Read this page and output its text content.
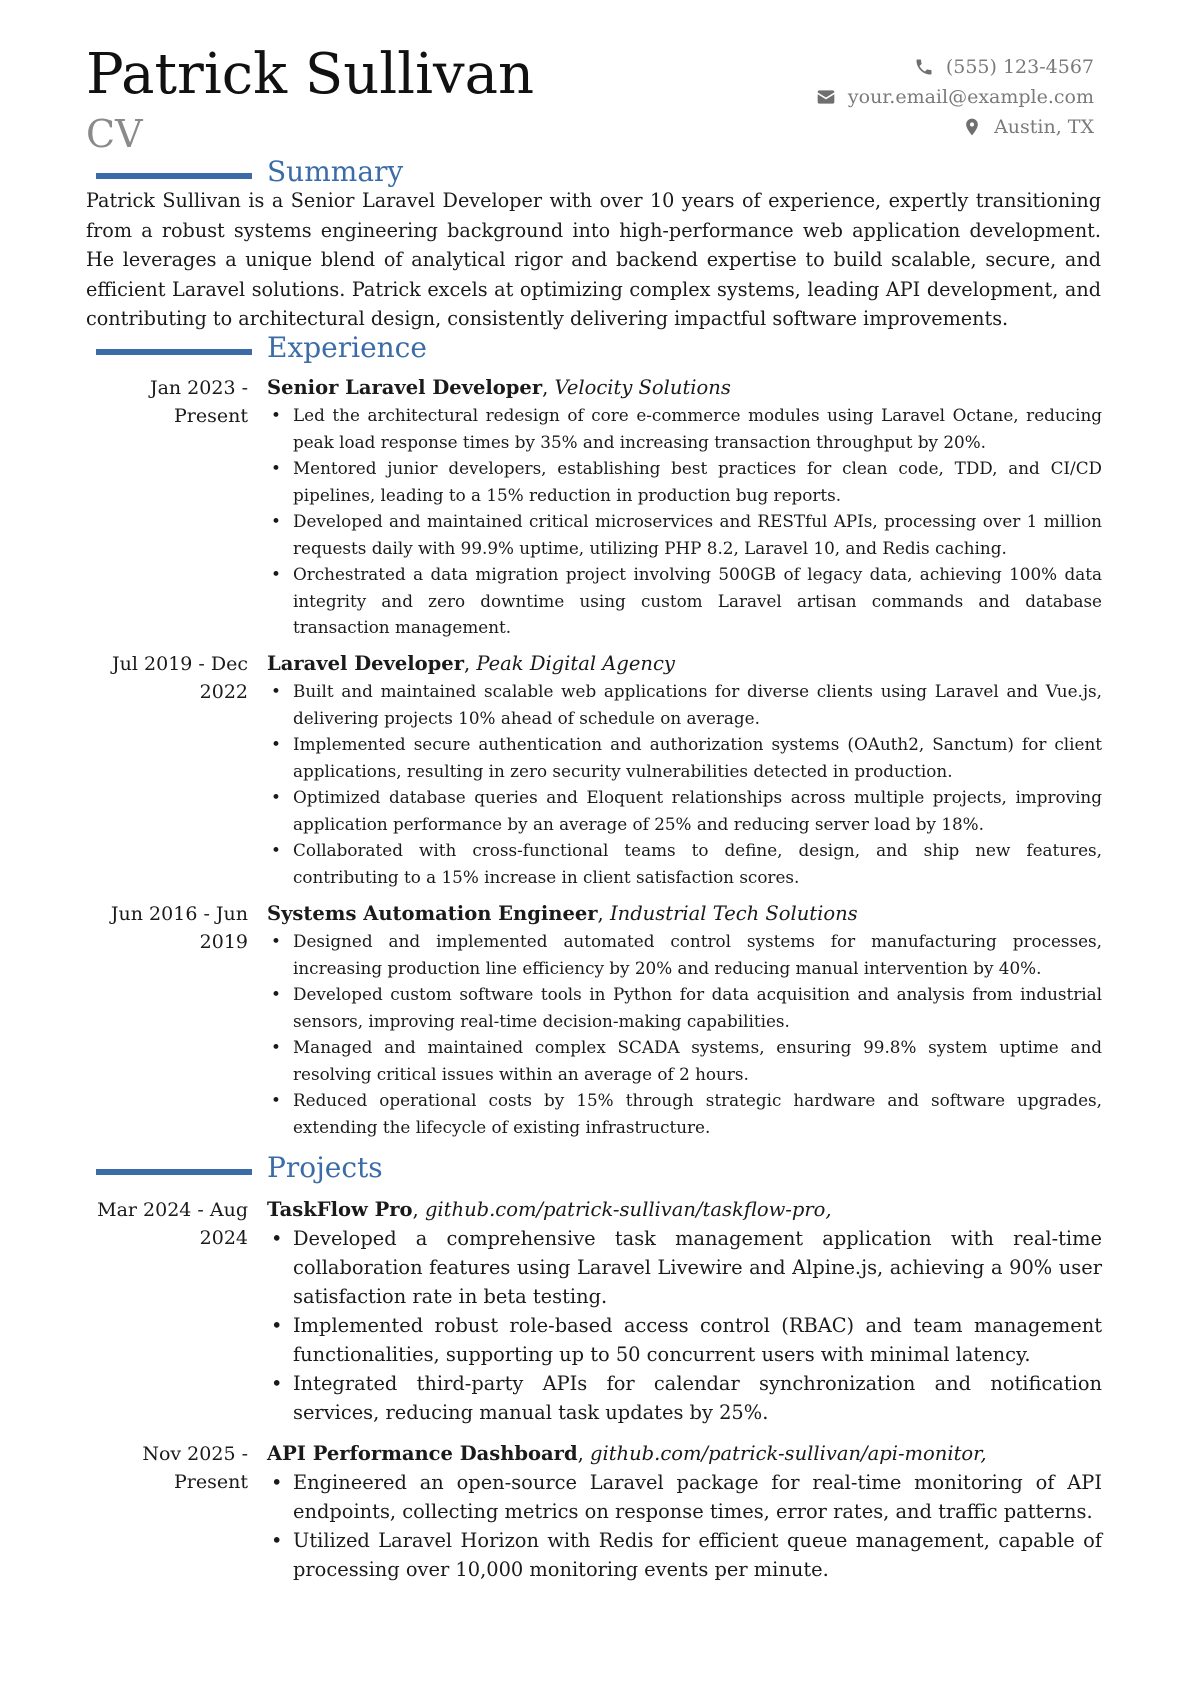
Patrick Sullivan
CV
(555) 123-4567
your.email@example.com
Austin, TX
Summary
Patrick Sullivan is a Senior Laravel Developer with over 10 years of experience, expertly transitioning from a robust systems engineering background into high-performance web application development. He leverages a unique blend of analytical rigor and backend expertise to build scalable, secure, and efficient Laravel solutions. Patrick excels at optimizing complex systems, leading API development, and contributing to architectural design, consistently delivering impactful software improvements.
Experience
Jan 2023 - Present
Senior Laravel Developer, Velocity Solutions
• Led the architectural redesign of core e-commerce modules using Laravel Octane, reducing peak load response times by 35% and increasing transaction throughput by 20%.
• Mentored junior developers, establishing best practices for clean code, TDD, and CI/CD pipelines, leading to a 15% reduction in production bug reports.
• Developed and maintained critical microservices and RESTful APIs, processing over 1 million requests daily with 99.9% uptime, utilizing PHP 8.2, Laravel 10, and Redis caching.
• Orchestrated a data migration project involving 500GB of legacy data, achieving 100% data integrity and zero downtime using custom Laravel artisan commands and database transaction management.
Jul 2019 - Dec 2022
Laravel Developer, Peak Digital Agency
• Built and maintained scalable web applications for diverse clients using Laravel and Vue.js, delivering projects 10% ahead of schedule on average.
• Implemented secure authentication and authorization systems (OAuth2, Sanctum) for client applications, resulting in zero security vulnerabilities detected in production.
• Optimized database queries and Eloquent relationships across multiple projects, improving application performance by an average of 25% and reducing server load by 18%.
• Collaborated with cross-functional teams to define, design, and ship new features, contributing to a 15% increase in client satisfaction scores.
Jun 2016 - Jun 2019
Systems Automation Engineer, Industrial Tech Solutions
• Designed and implemented automated control systems for manufacturing processes, increasing production line efficiency by 20% and reducing manual intervention by 40%.
• Developed custom software tools in Python for data acquisition and analysis from industrial sensors, improving real-time decision-making capabilities.
• Managed and maintained complex SCADA systems, ensuring 99.8% system uptime and resolving critical issues within an average of 2 hours.
• Reduced operational costs by 15% through strategic hardware and software upgrades, extending the lifecycle of existing infrastructure.
Projects
Mar 2024 - Aug 2024
TaskFlow Pro, github.com/patrick-sullivan/taskflow-pro,
• Developed a comprehensive task management application with real-time collaboration features using Laravel Livewire and Alpine.js, achieving a 90% user satisfaction rate in beta testing.
• Implemented robust role-based access control (RBAC) and team management functionalities, supporting up to 50 concurrent users with minimal latency.
• Integrated third-party APIs for calendar synchronization and notification services, reducing manual task updates by 25%.
Nov 2025 - Present
API Performance Dashboard, github.com/patrick-sullivan/api-monitor,
• Engineered an open-source Laravel package for real-time monitoring of API endpoints, collecting metrics on response times, error rates, and traffic patterns.
• Utilized Laravel Horizon with Redis for efficient queue management, capable of processing over 10,000 monitoring events per minute.
